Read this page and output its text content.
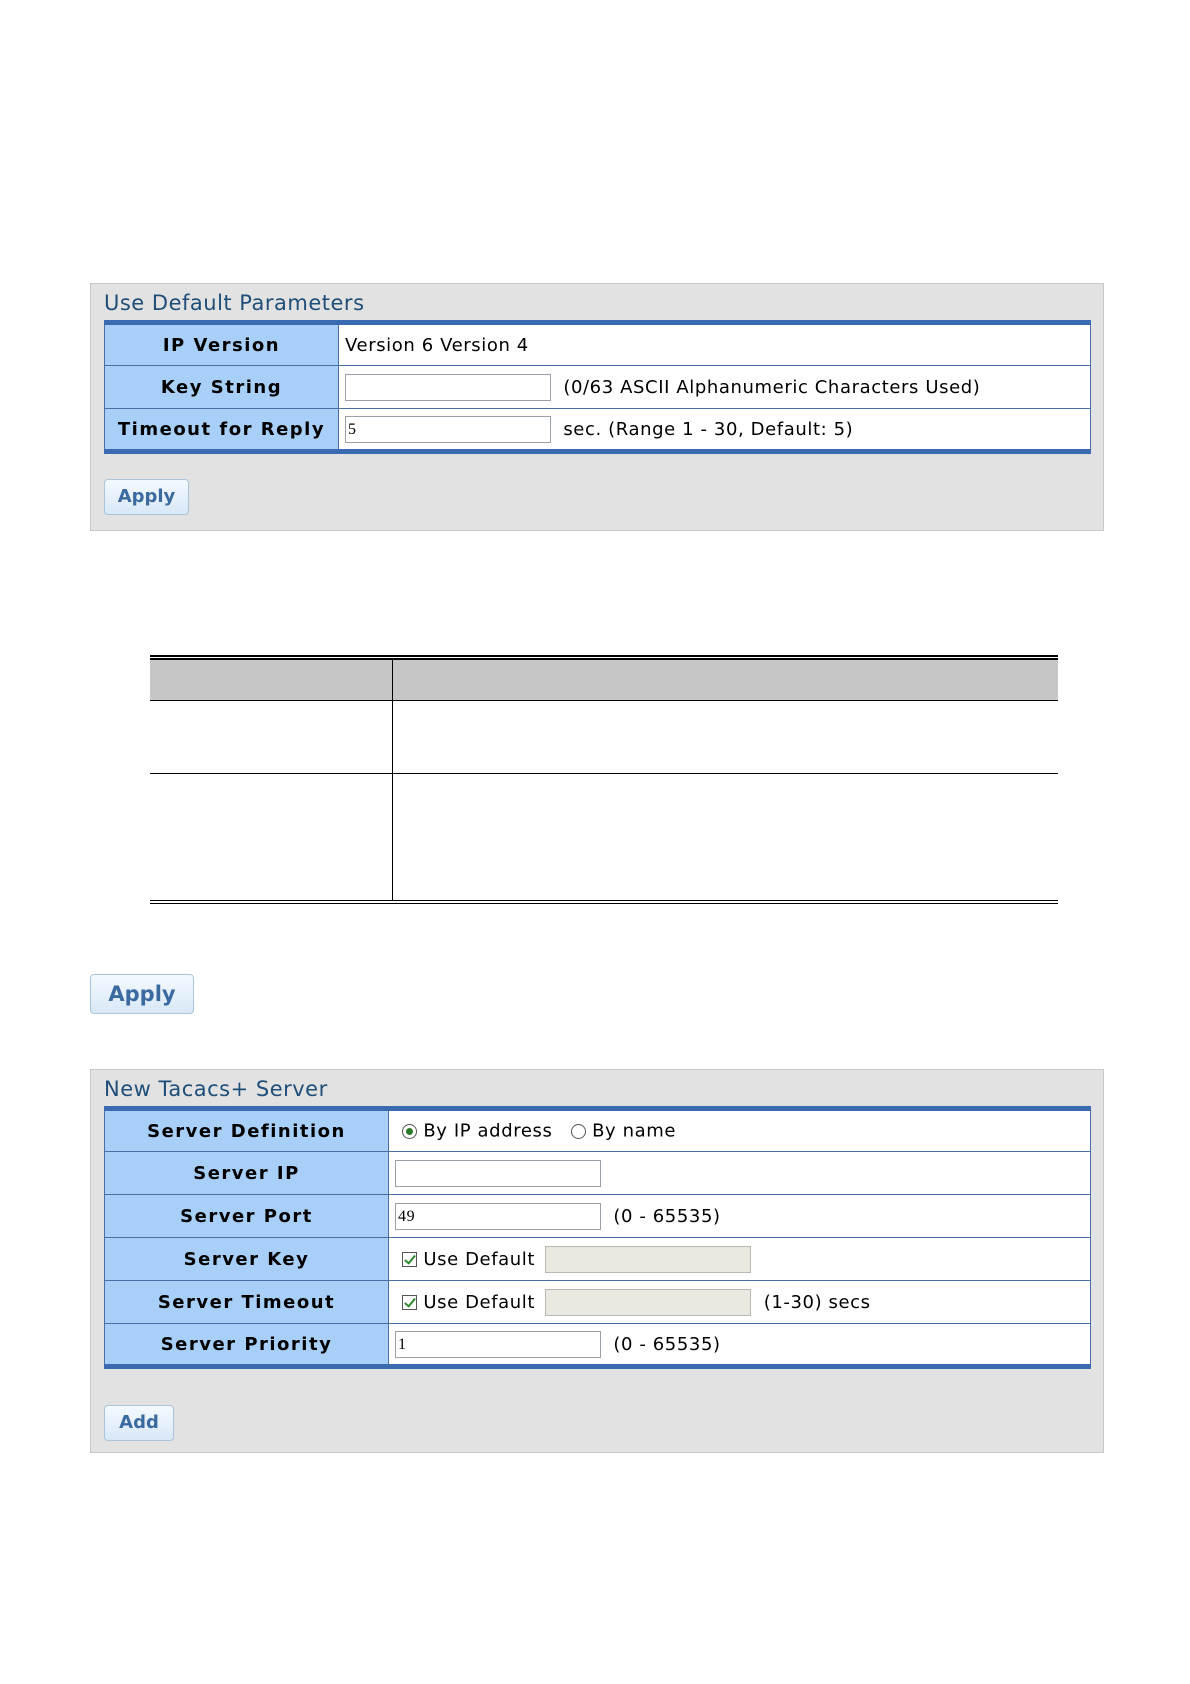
Use Default Parameters
IP Version	Version 6 Version 4
Key String	(0/63 ASCII Alphanumeric Characters Used)
Timeout for Reply	5 sec. (Range 1 - 30, Default: 5)
Apply

Apply
New Tacacs+ Server
Server Definition	By IP address By name
Server IP	
Server Port	49 (0 - 65535)
Server Key	Use Default
Server Timeout	Use Default (1-30) secs
Server Priority	1 (0 - 65535)
Add
